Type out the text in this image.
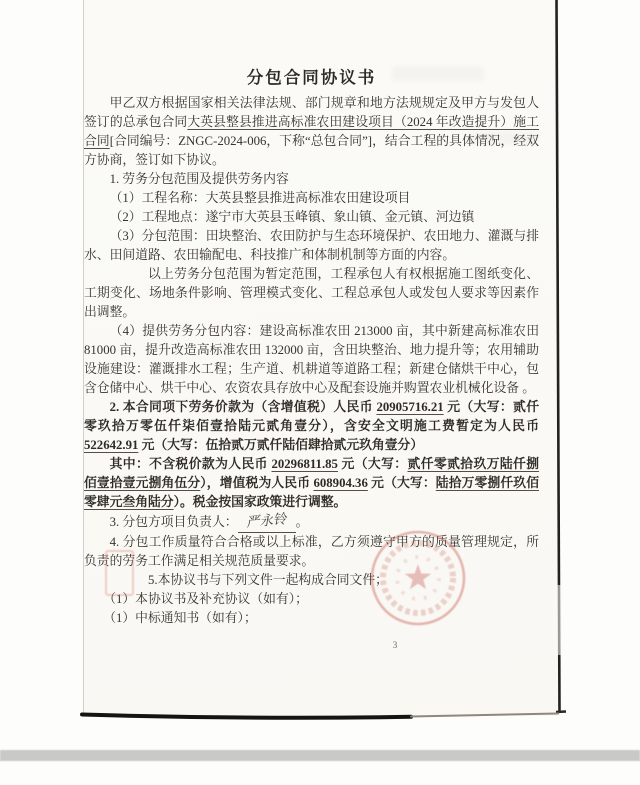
分包合同协议书

甲乙双方根据国家相关法律法规、部门规章和地方法规规定及甲方与发包人签订的总承包合同大英县整县推进高标准农田建设项目（2024 年改造提升）施工合同[合同编号：ZNGC-2024-006，下称“总包合同”]，结合工程的具体情况，经双方协商，签订如下协议。

1. 劳务分包范围及提供劳务内容

（1）工程名称：大英县整县推进高标准农田建设项目

（2）工程地点：遂宁市大英县玉峰镇、象山镇、金元镇、河边镇

（3）分包范围：田块整治、农田防护与生态环境保护、农田地力、灌溉与排水、田间道路、农田输配电、科技推广和体制机制等方面的内容。

以上劳务分包范围为暂定范围，工程承包人有权根据施工图纸变化、工期变化、场地条件影响、管理模式变化、工程总承包人或发包人要求等因素作出调整。

（4）提供劳务分包内容：建设高标准农田 213000 亩，其中新建高标准农田 81000 亩，提升改造高标准农田 132000 亩，含田块整治、地力提升等；农用辅助设施建设：灌溉排水工程；生产道、机耕道等道路工程；新建仓储烘干中心，包含仓储中心、烘干中心、农资农具存放中心及配套设施并购置农业机械化设备 。

2. 本合同项下劳务价款为（含增值税）人民币 20905716.21 元（大写：贰仟零玖拾万零伍仟柒佰壹拾陆元贰角壹分），含安全文明施工费暂定为人民币 522642.91 元（大写：伍拾贰万贰仟陆佰肆拾贰元玖角壹分）

其中：不含税价款为人民币 20296811.85 元（大写：贰仟零贰拾玖万陆仟捌佰壹拾壹元捌角伍分），增值税为人民币 608904.36 元（大写：陆拾万零捌仟玖佰零肆元叁角陆分）。税金按国家政策进行调整。

3. 分包方项目负责人： 严永铃 。

4. 分包工作质量符合合格或以上标准，乙方须遵守甲方的质量管理规定，所负责的劳务工作满足相关规范质量要求。

5.本协议书与下列文件一起构成合同文件；

（1）本协议书及补充协议（如有）；

（1）中标通知书（如有）；

3
